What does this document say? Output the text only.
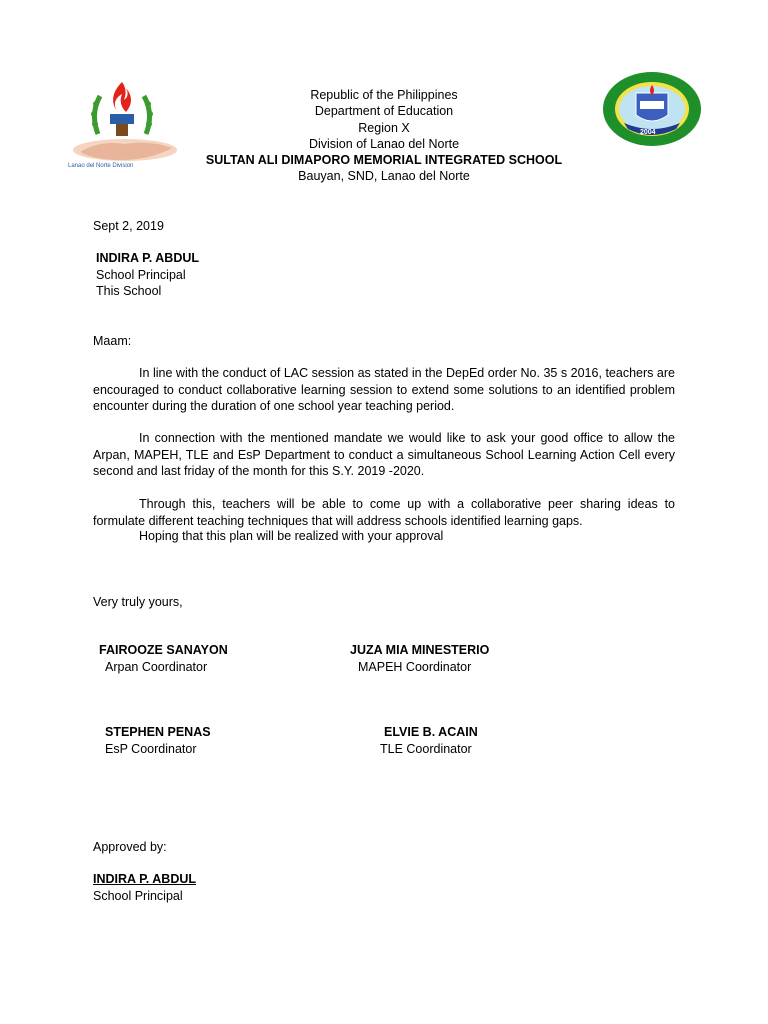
Lanao del Norte Division
2004
Republic of the Philippines
Department of Education
Region X
Division of Lanao del Norte
SULTAN ALI DIMAPORO MEMORIAL INTEGRATED SCHOOL
Bauyan, SND, Lanao del Norte
Sept 2, 2019
INDIRA P. ABDUL
School Principal
This School
Maam:
In line with the conduct of LAC session as stated in the DepEd order No. 35 s 2016, teachers are encouraged to conduct collaborative learning session to extend some solutions to an identified problem encounter during the duration of one school year teaching period.
In connection with the mentioned mandate we would like to ask your good office to allow the Arpan, MAPEH, TLE and EsP Department to conduct a simultaneous School Learning Action Cell every second and last friday of the month for this S.Y. 2019 -2020.
Through this, teachers will be able to come up with a collaborative peer sharing ideas to formulate different teaching techniques that will address schools identified learning gaps.
Hoping that this plan will be realized with your approval
Very truly yours,
FAIROOZE SANAYON
Arpan Coordinator
JUZA MIA MINESTERIO
MAPEH Coordinator
STEPHEN PENAS
EsP Coordinator
ELVIE B. ACAIN
TLE Coordinator
Approved by:
INDIRA P. ABDUL
School Principal
